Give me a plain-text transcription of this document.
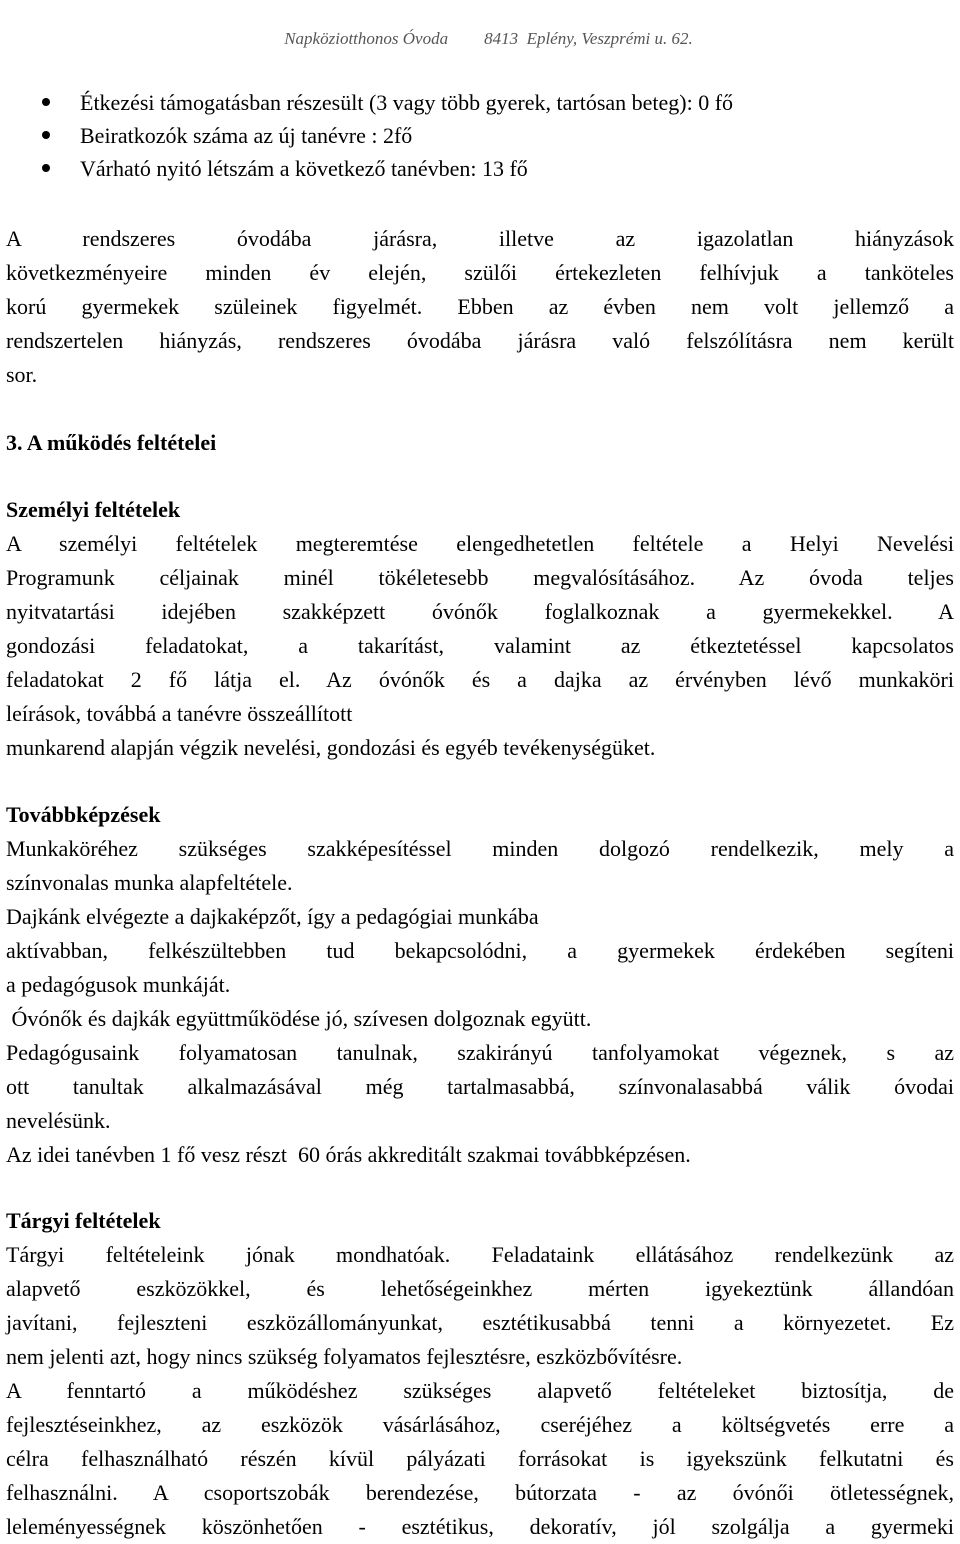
Napköziotthonos Óvoda 8413  Eplény, Veszprémi u. 62.

Étkezési támogatásban részesült (3 vagy több gyerek, tartósan beteg): 0 fő
Beiratkozók száma az új tanévre : 2fő
Várható nyitó létszám a következő tanévben: 13 fő
A rendszeres óvodába járásra, illetve az igazolatlan hiányzások
következményeire minden év elején, szülői értekezleten felhívjuk a tanköteles
korú gyermekek szüleinek figyelmét. Ebben az évben nem volt jellemző a
rendszertelen hiányzás, rendszeres óvodába járásra való felszólításra nem került
sor.
3. A működés feltételei
Személyi feltételek
A személyi feltételek megteremtése elengedhetetlen feltétele a Helyi Nevelési
Programunk céljainak minél tökéletesebb megvalósításához. Az óvoda teljes
nyitvatartási idejében szakképzett óvónők foglalkoznak a gyermekekkel. A
gondozási feladatokat, a takarítást, valamint az étkeztetéssel kapcsolatos
feladatokat 2 fő látja el. Az óvónők és a dajka az érvényben lévő munkaköri
leírások, továbbá a tanévre összeállított
munkarend alapján végzik nevelési, gondozási és egyéb tevékenységüket.
Továbbképzések
Munkaköréhez szükséges szakképesítéssel minden dolgozó rendelkezik, mely a
színvonalas munka alapfeltétele.
Dajkánk elvégezte a dajkaképzőt, így a pedagógiai munkába
aktívabban, felkészültebben tud bekapcsolódni, a gyermekek érdekében segíteni
a pedagógusok munkáját.
Óvónők és dajkák együttműködése jó, szívesen dolgoznak együtt.
Pedagógusaink folyamatosan tanulnak, szakirányú tanfolyamokat végeznek, s az
ott tanultak alkalmazásával még tartalmasabbá, színvonalasabbá válik óvodai
nevelésünk.
Az idei tanévben 1 fő vesz részt  60 órás akkreditált szakmai továbbképzésen.
Tárgyi feltételek
Tárgyi feltételeink jónak mondhatóak. Feladataink ellátásához rendelkezünk az
alapvető eszközökkel, és lehetőségeinkhez mérten igyekeztünk állandóan
javítani, fejleszteni eszközállományunkat, esztétikusabbá tenni a környezetet. Ez
nem jelenti azt, hogy nincs szükség folyamatos fejlesztésre, eszközbővítésre.
A fenntartó a működéshez szükséges alapvető feltételeket biztosítja, de
fejlesztéseinkhez, az eszközök vásárlásához, cseréjéhez a költségvetés erre a
célra felhasználható részén kívül pályázati forrásokat is igyekszünk felkutatni és
felhasználni. A csoportszobák berendezése, bútorzata - az óvónői ötletességnek,
leleményességnek köszönhetően - esztétikus, dekoratív, jól szolgálja a gyermeki
